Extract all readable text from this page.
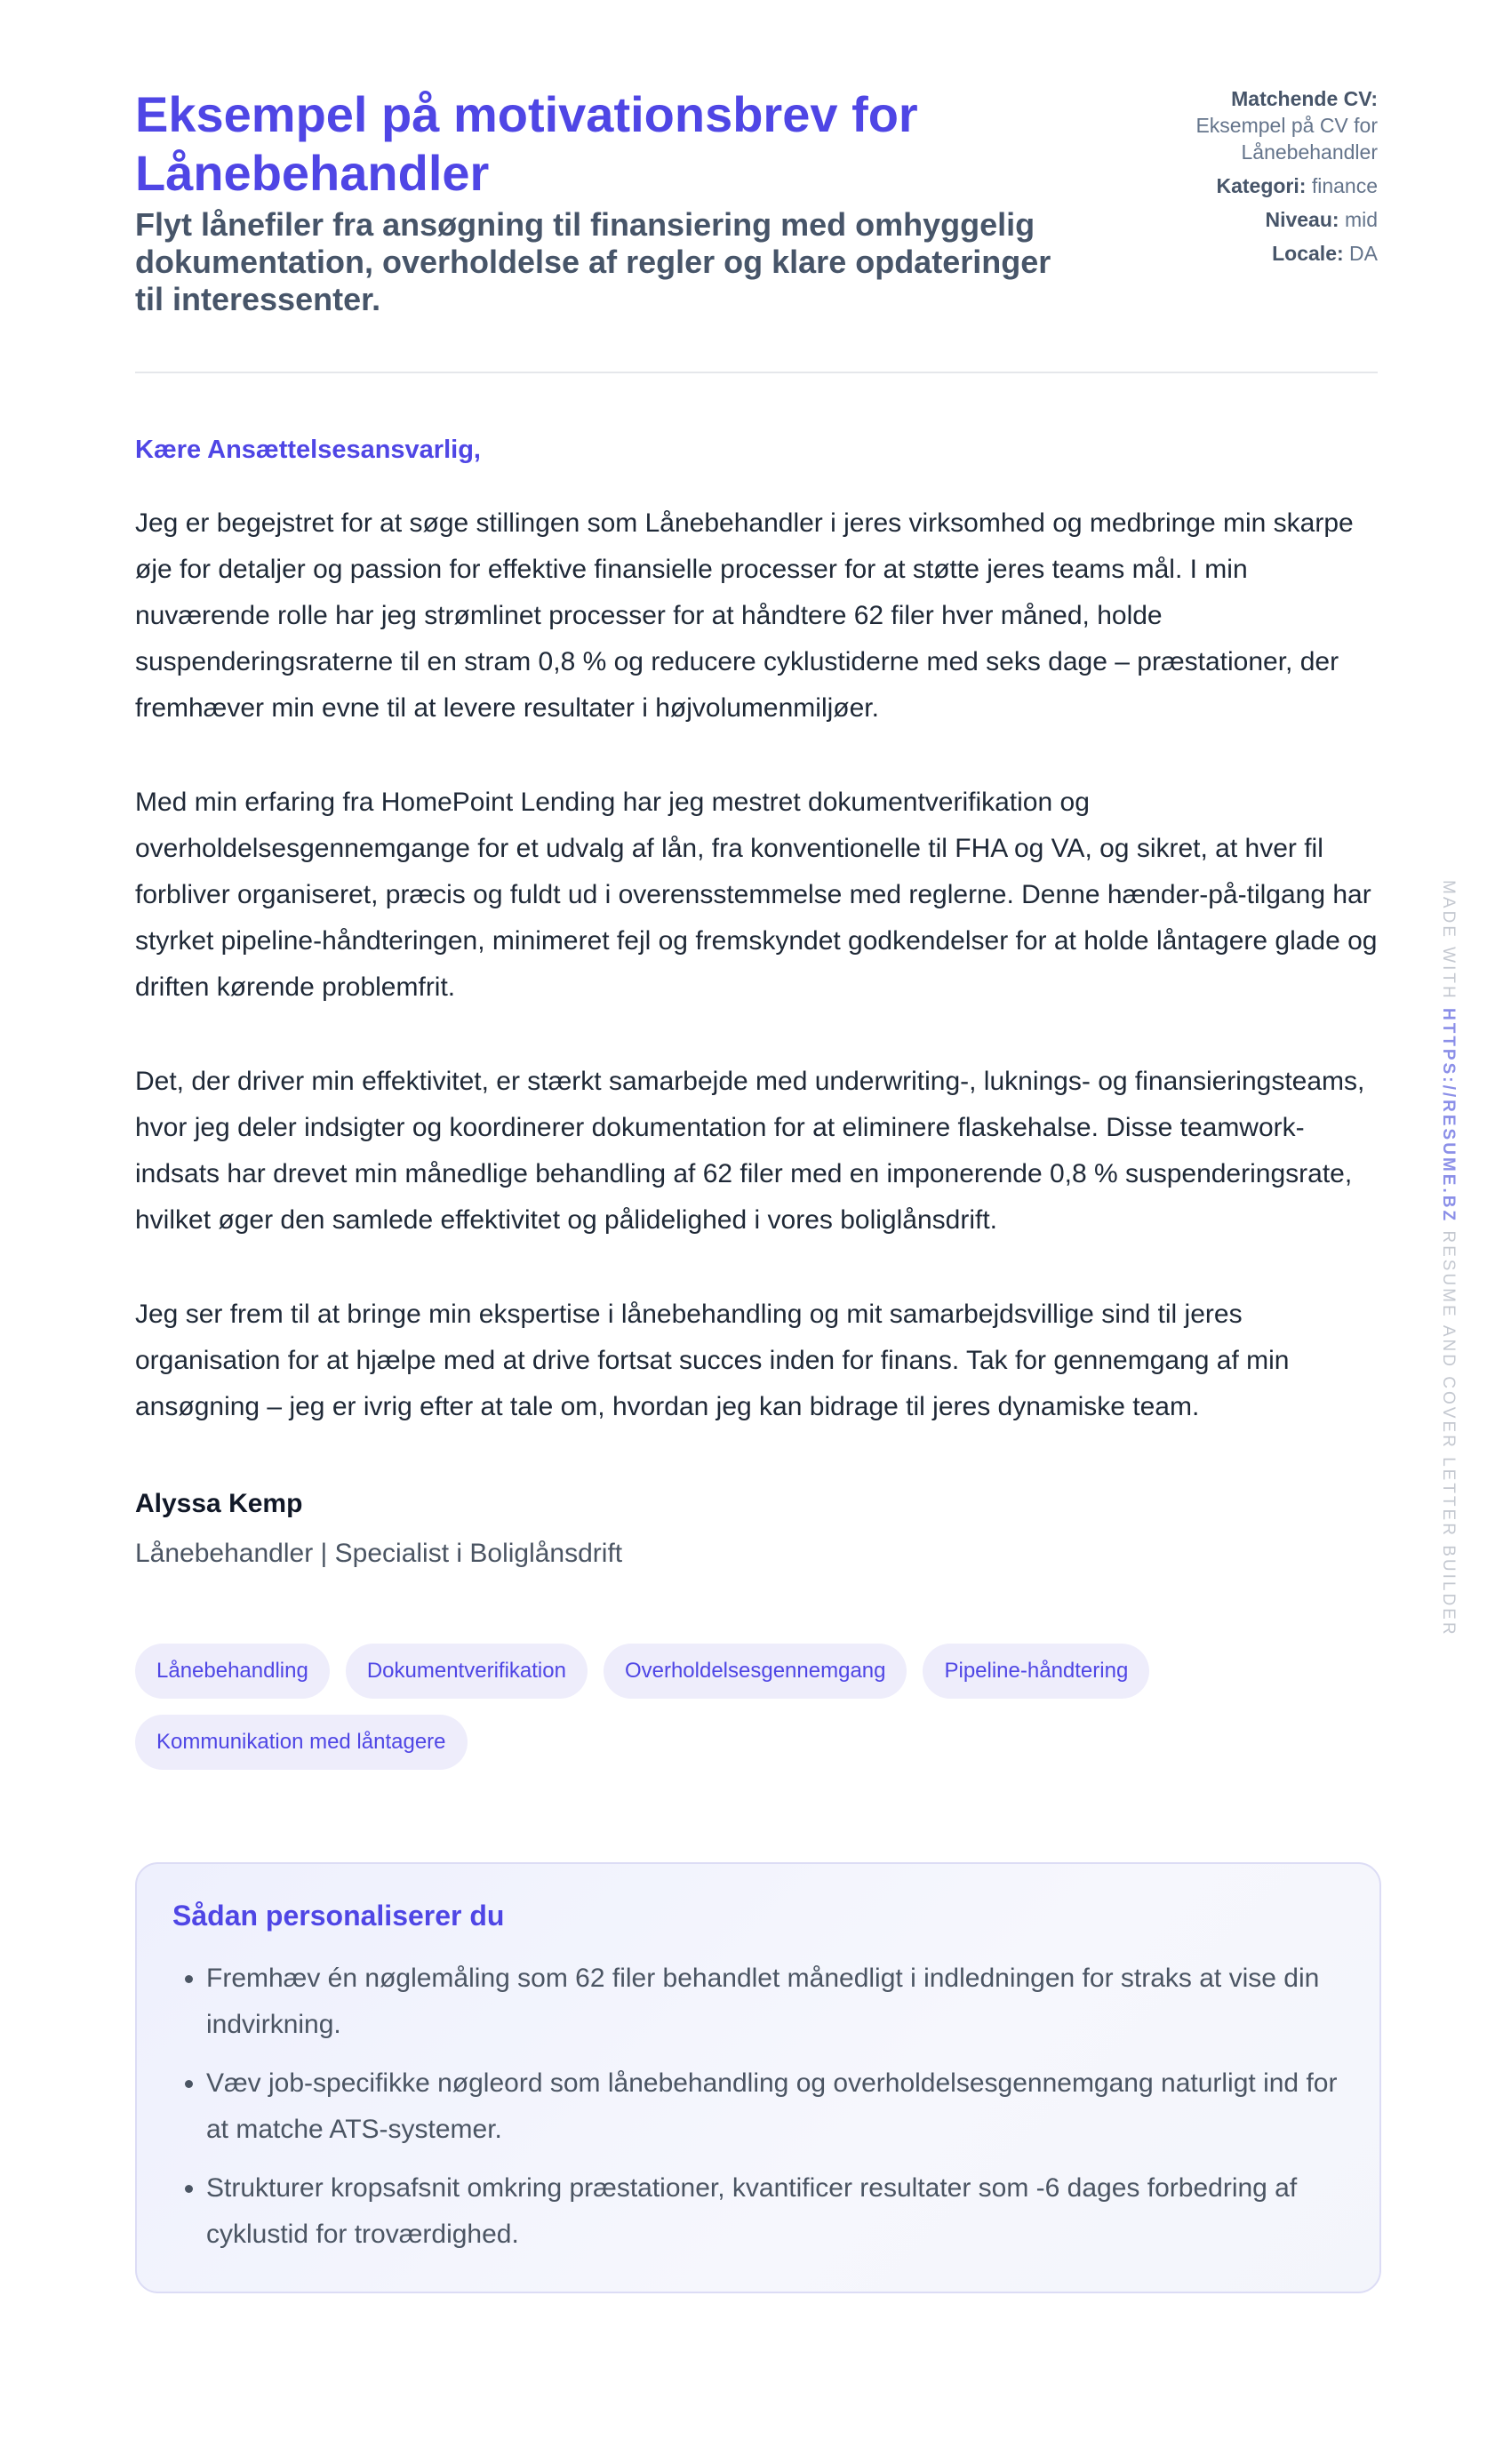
Eksempel på motivationsbrev for Lånebehandler

Flyt lånefiler fra ansøgning til finansiering med omhyggelig dokumentation, overholdelse af regler og klare opdateringer til interessenter.

Matchende CV:
Eksempel på CV for Lånebehandler
Kategori: finance
Niveau: mid
Locale: DA
Kære Ansættelsesansvarlig,

Jeg er begejstret for at søge stillingen som Lånebehandler i jeres virksomhed og medbringe min skarpe øje for detaljer og passion for effektive finansielle processer for at støtte jeres teams mål. I min nuværende rolle har jeg strømlinet processer for at håndtere 62 filer hver måned, holde suspenderingsraterne til en stram 0,8 % og reducere cyklustiderne med seks dage – præstationer, der fremhæver min evne til at levere resultater i højvolumenmiljøer.

Med min erfaring fra HomePoint Lending har jeg mestret dokumentverifikation og overholdelsesgennemgange for et udvalg af lån, fra konventionelle til FHA og VA, og sikret, at hver fil forbliver organiseret, præcis og fuldt ud i overensstemmelse med reglerne. Denne hænder-på-tilgang har styrket pipeline-håndteringen, minimeret fejl og fremskyndet godkendelser for at holde låntagere glade og driften kørende problemfrit.

Det, der driver min effektivitet, er stærkt samarbejde med underwriting-, luknings- og finansieringsteams, hvor jeg deler indsigter og koordinerer dokumentation for at eliminere flaskehalse. Disse teamwork-indsats har drevet min månedlige behandling af 62 filer med en imponerende 0,8 % suspenderingsrate, hvilket øger den samlede effektivitet og pålidelighed i vores boliglånsdrift.

Jeg ser frem til at bringe min ekspertise i lånebehandling og mit samarbejdsvillige sind til jeres organisation for at hjælpe med at drive fortsat succes inden for finans. Tak for gennemgang af min ansøgning – jeg er ivrig efter at tale om, hvordan jeg kan bidrage til jeres dynamiske team.

Alyssa Kemp
Lånebehandler | Specialist i Boliglånsdrift
Lånebehandling	Dokumentverifikation	Overholdelsesgennemgang	Pipeline-håndtering
Kommunikation med låntagere
Sådan personaliserer du
• Fremhæv én nøglemåling som 62 filer behandlet månedligt i indledningen for straks at vise din indvirkning.
• Væv job-specifikke nøgleord som lånebehandling og overholdelsesgennemgang naturligt ind for at matche ATS-systemer.
• Strukturer kropsafsnit omkring præstationer, kvantificer resultater som -6 dages forbedring af cyklustid for troværdighed.
MADE WITH HTTPS://RESUME.BZ RESUME AND COVER LETTER BUILDER
